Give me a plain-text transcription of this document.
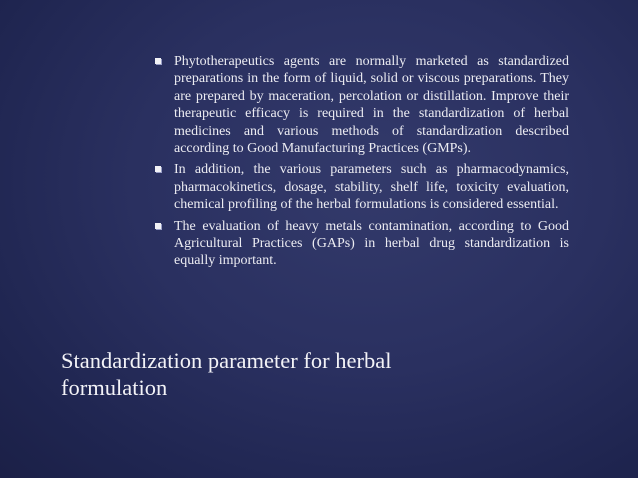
Phytotherapeutics agents are normally marketed as standardized preparations in the form of liquid, solid or viscous preparations. They are prepared by maceration, percolation or distillation. Improve their therapeutic efficacy is required in the standardization of herbal medicines and various methods of standardization described according to Good Manufacturing Practices (GMPs).
In addition, the various parameters such as pharmacodynamics, pharmacokinetics, dosage, stability, shelf life, toxicity evaluation, chemical profiling of the herbal formulations is considered essential.
The evaluation of heavy metals contamination, according to Good Agricultural Practices (GAPs) in herbal drug standardization is equally important.
Standardization parameter for herbal formulation
